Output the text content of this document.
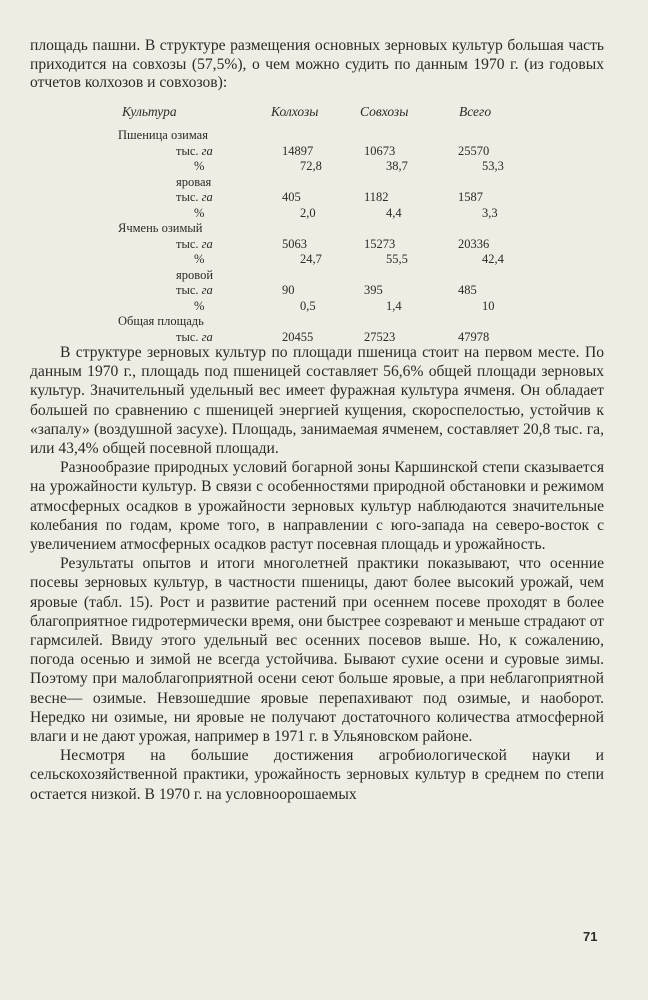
площадь пашни. В структуре размещения основных зерновых культур большая часть приходится на совхозы (57,5%), о чем можно судить по данным 1970 г. (из годовых отчетов колхозов и совхозов):

Культура	Колхозы	Совхозы	Всего
Пшеница озимая
тыс. га	14897	10673	25570
%	72,8	38,7	53,3
яровая
тыс. га	405	1182	1587
%	2,0	4,4	3,3
Ячмень озимый
тыс. га	5063	15273	20336
%	24,7	55,5	42,4
яровой
тыс. га	90	395	485
%	0,5	1,4	10
Общая площадь
тыс. га	20455	27523	47978

В структуре зерновых культур по площади пшеница стоит на первом месте. По данным 1970 г., площадь под пшеницей составляет 56,6% общей площади зерновых культур. Значительный удельный вес имеет фуражная культура ячменя. Он обладает большей по сравнению с пшеницей энергией кущения, скороспелостью, устойчив к «запалу» (воздушной засухе). Площадь, занимаемая ячменем, составляет 20,8 тыс. га, или 43,4% общей посевной площади.

Разнообразие природных условий богарной зоны Каршинской степи сказывается на урожайности культур. В связи с особенностями природной обстановки и режимом атмосферных осадков в урожайности зерновых культур наблюдаются значительные колебания по годам, кроме того, в направлении с юго-запада на северо-восток с увеличением атмосферных осадков растут посевная площадь и урожайность.

Результаты опытов и итоги многолетней практики показывают, что осенние посевы зерновых культур, в частности пшеницы, дают более высокий урожай, чем яровые (табл. 15). Рост и развитие растений при осеннем посеве проходят в более благоприятное гидротермически время, они быстрее созревают и меньше страдают от гармсилей. Ввиду этого удельный вес осенних посевов выше. Но, к сожалению, погода осенью и зимой не всегда устойчива. Бывают сухие осени и суровые зимы. Поэтому при малоблагоприятной осени сеют больше яровые, а при неблагоприятной весне— озимые. Невзошедшие яровые перепахивают под озимые, и наоборот. Нередко ни озимые, ни яровые не получают достаточного количества атмосферной влаги и не дают урожая, например в 1971 г. в Ульяновском районе.

Несмотря на большие достижения агробиологической науки и сельскохозяйственной практики, урожайность зерновых культур в среднем по степи остается низкой. В 1970 г. на условноорошаемых

71
